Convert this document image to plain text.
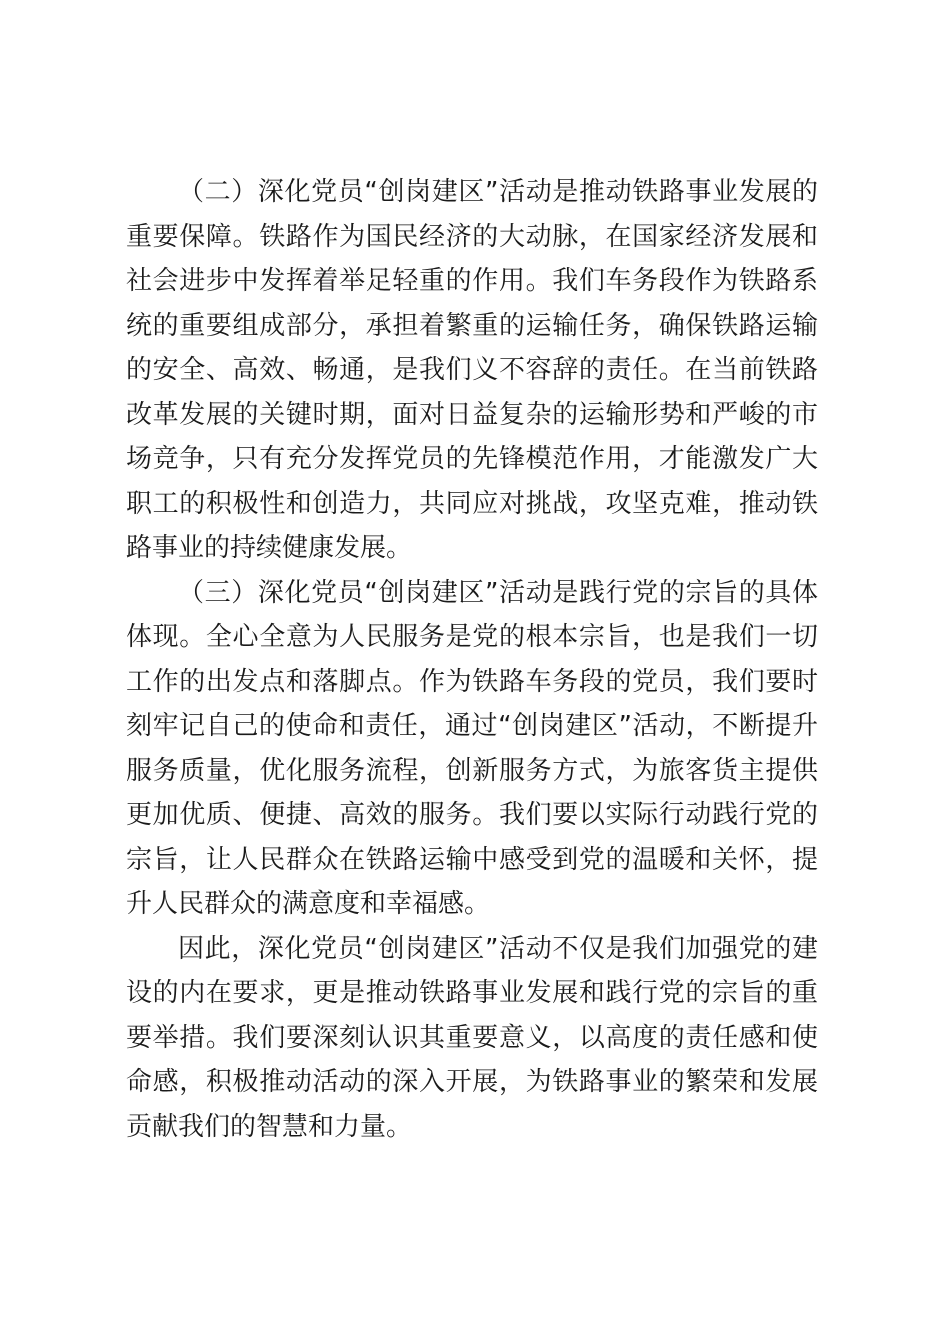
（二）深化党员“创岗建区”活动是推动铁路事业发展的重要保障。铁路作为国民经济的大动脉，在国家经济发展和社会进步中发挥着举足轻重的作用。我们车务段作为铁路系统的重要组成部分，承担着繁重的运输任务，确保铁路运输的安全、高效、畅通，是我们义不容辞的责任。在当前铁路改革发展的关键时期，面对日益复杂的运输形势和严峻的市场竞争，只有充分发挥党员的先锋模范作用，才能激发广大职工的积极性和创造力，共同应对挑战，攻坚克难，推动铁路事业的持续健康发展。

（三）深化党员“创岗建区”活动是践行党的宗旨的具体体现。全心全意为人民服务是党的根本宗旨，也是我们一切工作的出发点和落脚点。作为铁路车务段的党员，我们要时刻牢记自己的使命和责任，通过“创岗建区”活动，不断提升服务质量，优化服务流程，创新服务方式，为旅客货主提供更加优质、便捷、高效的服务。我们要以实际行动践行党的宗旨，让人民群众在铁路运输中感受到党的温暖和关怀，提升人民群众的满意度和幸福感。

因此，深化党员“创岗建区”活动不仅是我们加强党的建设的内在要求，更是推动铁路事业发展和践行党的宗旨的重要举措。我们要深刻认识其重要意义，以高度的责任感和使命感，积极推动活动的深入开展，为铁路事业的繁荣和发展贡献我们的智慧和力量。
